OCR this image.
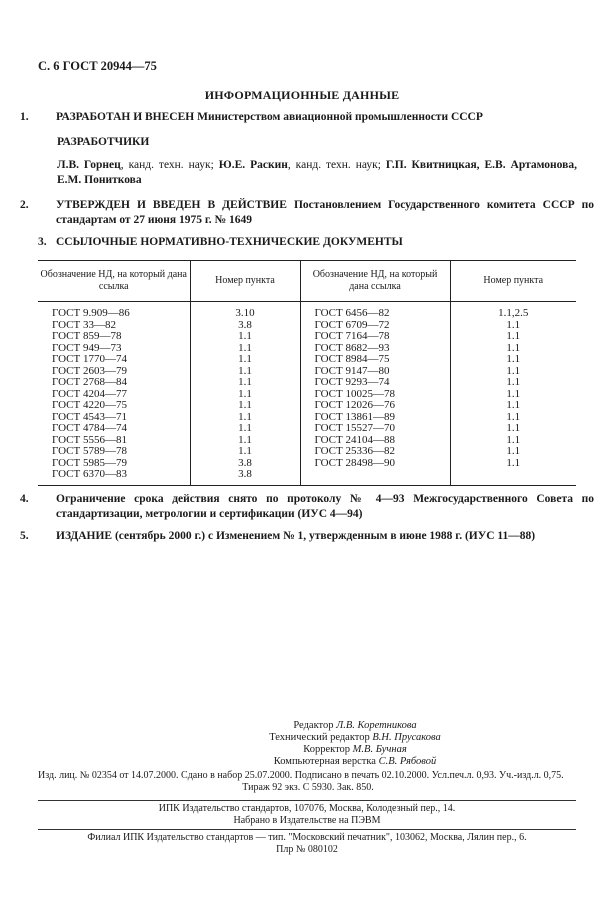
С. 6 ГОСТ 20944—75
ИНФОРМАЦИОННЫЕ ДАННЫЕ
1. РАЗРАБОТАН И ВНЕСЕН Министерством авиационной промышленности СССР
РАЗРАБОТЧИКИ
Л.В. Горнец, канд. техн. наук; Ю.Е. Раскин, канд. техн. наук; Г.П. Квитницкая, Е.В. Артамонова, Е.М. Пониткова
2. УТВЕРЖДЕН И ВВЕДЕН В ДЕЙСТВИЕ Постановлением Государственного комитета СССР по стандартам от 27 июня 1975 г. № 1649
3. ССЫЛОЧНЫЕ НОРМАТИВНО-ТЕХНИЧЕСКИЕ ДОКУМЕНТЫ
Обозначение НД, на который дана ссылка	Номер пункта	Обозначение НД, на который дана ссылка	Номер пункта
ГОСТ 9.909—86	3.10	ГОСТ 6456—82	1.1,2.5
ГОСТ 33—82	3.8	ГОСТ 6709—72	1.1
ГОСТ 859—78	1.1	ГОСТ 7164—78	1.1
ГОСТ 949—73	1.1	ГОСТ 8682—93	1.1
ГОСТ 1770—74	1.1	ГОСТ 8984—75	1.1
ГОСТ 2603—79	1.1	ГОСТ 9147—80	1.1
ГОСТ 2768—84	1.1	ГОСТ 9293—74	1.1
ГОСТ 4204—77	1.1	ГОСТ 10025—78	1.1
ГОСТ 4220—75	1.1	ГОСТ 12026—76	1.1
ГОСТ 4543—71	1.1	ГОСТ 13861—89	1.1
ГОСТ 4784—74	1.1	ГОСТ 15527—70	1.1
ГОСТ 5556—81	1.1	ГОСТ 24104—88	1.1
ГОСТ 5789—78	1.1	ГОСТ 25336—82	1.1
ГОСТ 5985—79	3.8	ГОСТ 28498—90	1.1
ГОСТ 6370—83	3.8		
4. Ограничение срока действия снято по протоколу № 4—93 Межгосударственного Совета по стандартизации, метрологии и сертификации (ИУС 4—94)
5. ИЗДАНИЕ (сентябрь 2000 г.) с Изменением № 1, утвержденным в июне 1988 г. (ИУС 11—88)
Редактор Л.В. Коретникова
Технический редактор В.Н. Прусакова
Корректор М.В. Бучная
Компьютерная верстка С.В. Рябовой
Изд. лиц. № 02354 от 14.07.2000. Сдано в набор 25.07.2000. Подписано в печать 02.10.2000. Усл.печ.л. 0,93. Уч.-изд.л. 0,75.
Тираж 92 экз. С 5930. Зак. 850.
ИПК Издательство стандартов, 107076, Москва, Колодезный пер., 14.
Набрано в Издательстве на ПЭВМ
Филиал ИПК Издательство стандартов — тип. "Московский печатник", 103062, Москва, Лялин пер., 6.
Плр № 080102
